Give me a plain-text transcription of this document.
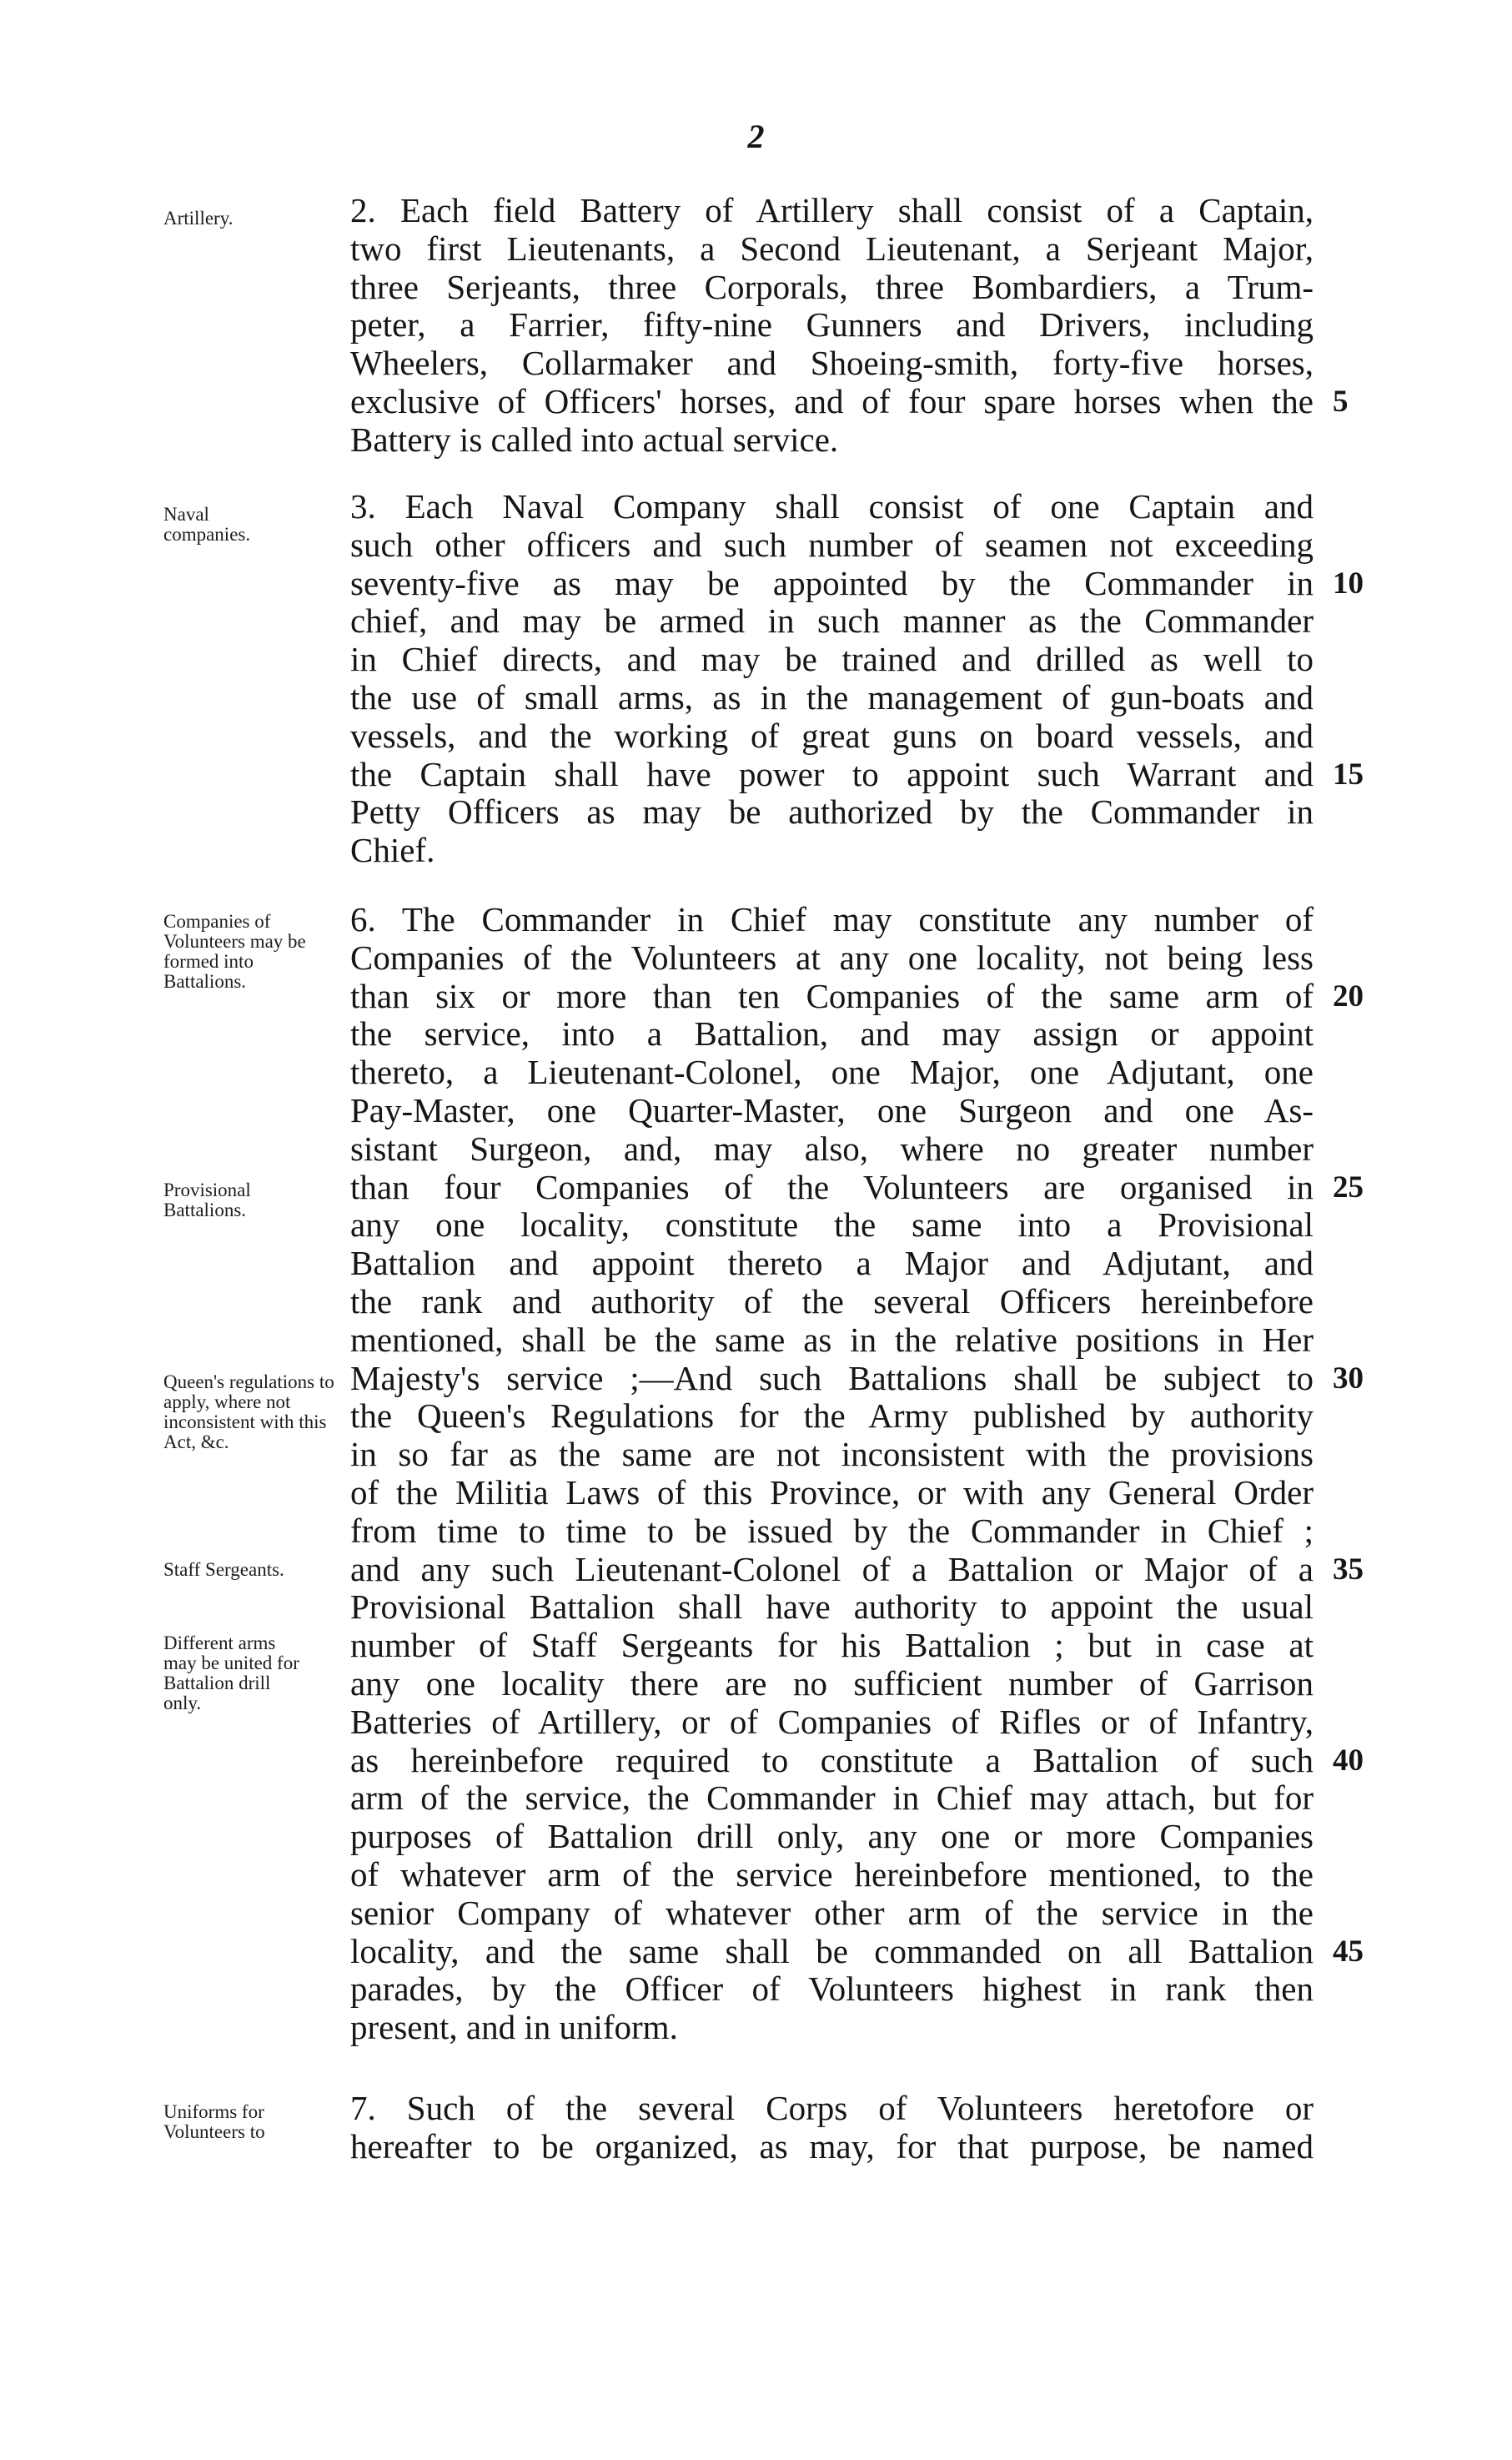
2
2. Each field Battery of Artillery shall consist of a Captain,
two first Lieutenants, a Second Lieutenant, a Serjeant Major,
three Serjeants, three Corporals, three Bombardiers, a Trum-
peter, a Farrier, fifty-nine Gunners and Drivers, including
Wheelers, Collarmaker and Shoeing-smith, forty-five horses,
exclusive of Officers' horses, and of four spare horses when the
Battery is called into actual service.
3. Each Naval Company shall consist of one Captain and
such other officers and such number of seamen not exceeding
seventy-five as may be appointed by the Commander in
chief, and may be armed in such manner as the Commander
in Chief directs, and may be trained and drilled as well to
the use of small arms, as in the management of gun-boats and
vessels, and the working of great guns on board vessels, and
the Captain shall have power to appoint such Warrant and
Petty Officers as may be authorized by the Commander in
Chief.
6. The Commander in Chief may constitute any number of
Companies of the Volunteers at any one locality, not being less
than six or more than ten Companies of the same arm of
the service, into a Battalion, and may assign or appoint
thereto, a Lieutenant-Colonel, one Major, one Adjutant, one
Pay-Master, one Quarter-Master, one Surgeon and one As-
sistant Surgeon, and, may also, where no greater number
than four Companies of the Volunteers are organised in
any one locality, constitute the same into a Provisional
Battalion and appoint thereto a Major and Adjutant, and
the rank and authority of the several Officers hereinbefore
mentioned, shall be the same as in the relative positions in Her
Majesty's service ;—And such Battalions shall be subject to
the Queen's Regulations for the Army published by authority
in so far as the same are not inconsistent with the provisions
of the Militia Laws of this Province, or with any General Order
from time to time to be issued by the Commander in Chief ;
and any such Lieutenant-Colonel of a Battalion or Major of a
Provisional Battalion shall have authority to appoint the usual
number of Staff Sergeants for his Battalion ; but in case at
any one locality there are no sufficient number of Garrison
Batteries of Artillery, or of Companies of Rifles or of Infantry,
as hereinbefore required to constitute a Battalion of such
arm of the service, the Commander in Chief may attach, but for
purposes of Battalion drill only, any one or more Companies
of whatever arm of the service hereinbefore mentioned, to the
senior Company of whatever other arm of the service in the
locality, and the same shall be commanded on all Battalion
parades, by the Officer of Volunteers highest in rank then
present, and in uniform.
7. Such of the several Corps of Volunteers heretofore or
hereafter to be organized, as may, for that purpose, be named
Artillery.
Naval companies.
Companies of Volunteers may be formed into Battalions.
Provisional Battalions.
Queen's regulations to apply, where not inconsistent with this Act, &c.
Staff Sergeants.
Different arms may be united for Battalion drill only.
Uniforms for Volunteers to
5
10
15
20
25
30
35
40
45
